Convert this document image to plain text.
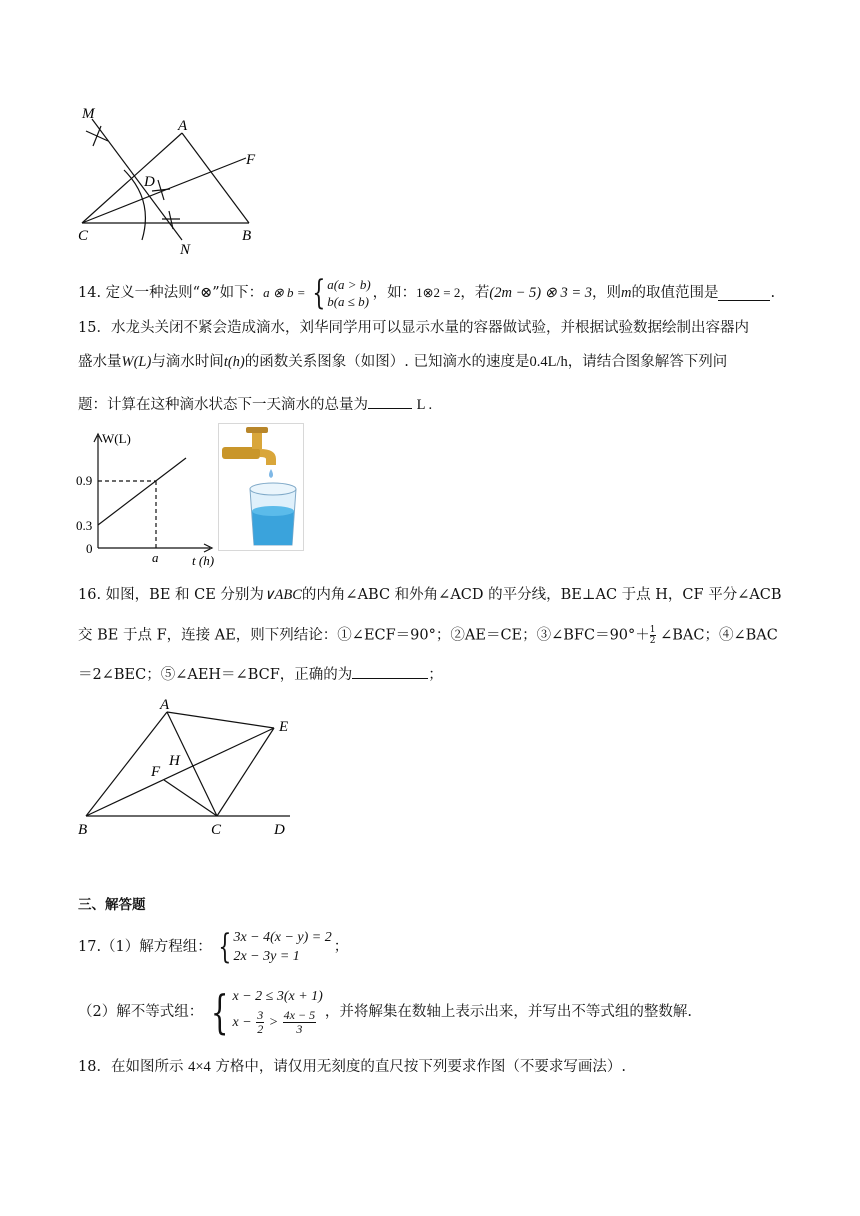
M
A
F
D
C	B
N
14.
定义一种法则“⊗”如下： a ⊗ b = { a(a > b)
b(a ≤ b)
，如： 1⊗2 = 2 ，若 (2m − 5) ⊗ 3 = 3 ，则 m 的取值范围是	.
15．水龙头关闭不紧会造成滴水，刘华同学用可以显示水量的容器做试验，并根据试验数据绘制出容器内
盛水量W(L)与滴水时间t(h)的函数关系图象（如图）. 已知滴水的速度是0.4L/h，请结合图象解答下列问
题：计算在这种滴水状态下一天滴水的总量为	L .
W(L)
0.9
0.3
0
a	t (h)
16. 如图，BE 和 CE 分别为∨ABC的内角∠ABC 和外角∠ACD 的平分线，BE⊥AC 于点 H，CF 平分∠ACB
交 BE 于点 F，连接 AE，则下列结论：①∠ECF＝90°；②AE＝CE；③∠BFC＝90°＋ $\frac{1}{2}$ ∠BAC；④∠BAC
＝2∠BEC；⑤∠AEH＝∠BCF，正确的为	；
A
E
H
F
B	C	D
三、解答题
17.（1）解方程组： { 3x − 4(x − y) = 2
2x − 3y = 1
；
（2）解不等式组： { x − 2 ≤ 3(x + 1)
x −
$\frac{3}{2}$
>
$\frac{4x - 5}{3}$ ，并将解集在数轴上表示出来，并写出不等式组的整数解.
18．在如图所示 4×4 方格中，请仅用无刻度的直尺按下列要求作图（不要求写画法）.
